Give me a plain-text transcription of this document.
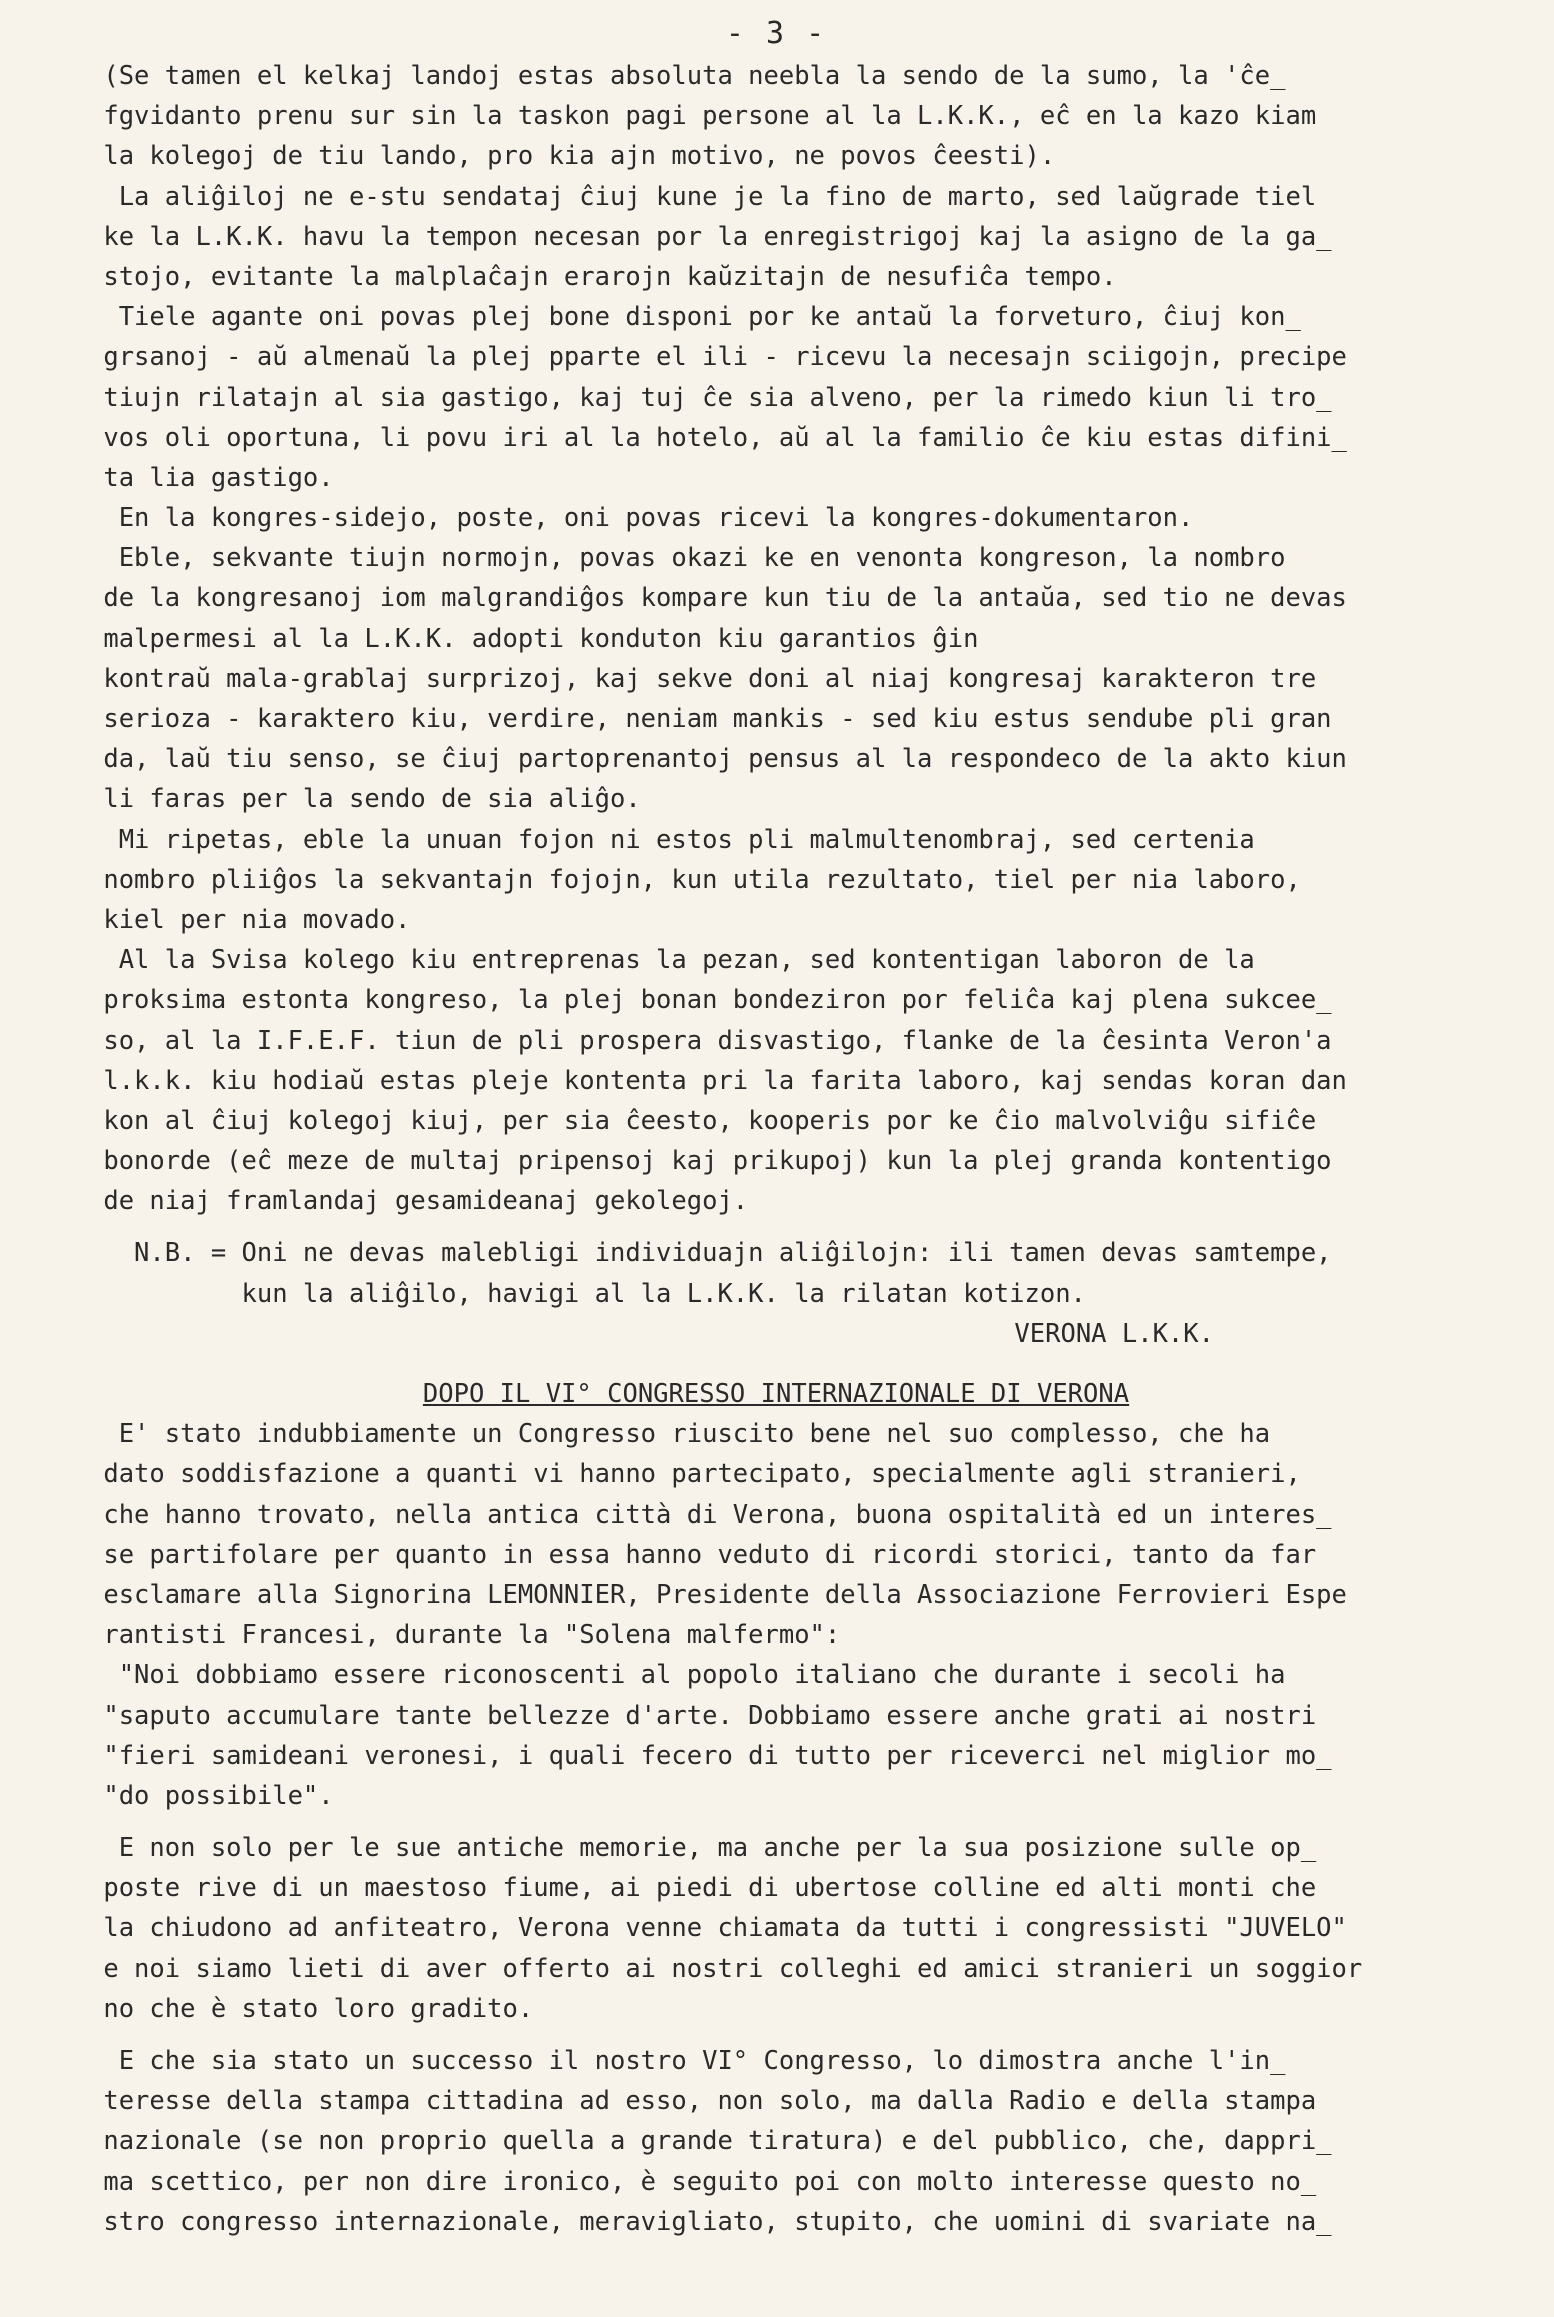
- 3 -
(Se tamen el kelkaj landoj estas absoluta neebla la sendo de la sumo, la 'ĉe_
fgvidanto prenu sur sin la taskon pagi persone al la L.K.K., eĉ en la kazo kiam
la kolegoj de tiu lando, pro kia ajn motivo, ne povos ĉeesti).
La aliĝiloj ne e-stu sendataj ĉiuj kune je la fino de marto, sed laŭgrade tiel
ke la L.K.K. havu la tempon necesan por la enregistrigoj kaj la asigno de la ga_
stojo, evitante la malplaĉajn erarojn kaŭzitajn de nesufiĉa tempo.
Tiele agante oni povas plej bone disponi por ke antaŭ la forveturo, ĉiuj kon_
grsanoj - aŭ almenaŭ la plej pparte el ili - ricevu la necesajn sciigojn, precipe
tiujn rilatajn al sia gastigo, kaj tuj ĉe sia alveno, per la rimedo kiun li tro_
vos oli oportuna, li povu iri al la hotelo, aŭ al la familio ĉe kiu estas difini_
ta lia gastigo.
En la kongres-sidejo, poste, oni povas ricevi la kongres-dokumentaron.
Eble, sekvante tiujn normojn, povas okazi ke en venonta kongreson, la nombro
de la kongresanoj iom malgrandiĝos kompare kun tiu de la antaŭa, sed tio ne devas
malpermesi al la L.K.K. adopti konduton kiu garantios ĝin
kontraŭ mala-grablaj surprizoj, kaj sekve doni al niaj kongresaj karakteron tre
serioza - karaktero kiu, verdire, neniam mankis - sed kiu estus sendube pli gran
da, laŭ tiu senso, se ĉiuj partoprenantoj pensus al la respondeco de la akto kiun
li faras per la sendo de sia aliĝo.
Mi ripetas, eble la unuan fojon ni estos pli malmultenombraj, sed certenia
nombro pliiĝos la sekvantajn fojojn, kun utila rezultato, tiel per nia laboro,
kiel per nia movado.
Al la Svisa kolego kiu entreprenas la pezan, sed kontentigan laboron de la
proksima estonta kongreso, la plej bonan bondeziron por feliĉa kaj plena sukcee_
so, al la I.F.E.F. tiun de pli prospera disvastigo, flanke de la ĉesinta Veron'a
l.k.k. kiu hodiaŭ estas pleje kontenta pri la farita laboro, kaj sendas koran dan
kon al ĉiuj kolegoj kiuj, per sia ĉeesto, kooperis por ke ĉio malvolviĝu sifiĉe
bonorde (eĉ meze de multaj pripensoj kaj prikupoj) kun la plej granda kontentigo
de niaj framlandaj gesamideanaj gekolegoj.
N.B. = Oni ne devas malebligi individuajn aliĝilojn: ili tamen devas samtempe,
kun la aliĝilo, havigi al la L.K.K. la rilatan kotizon.
VERONA L.K.K.
DOPO IL VI° CONGRESSO INTERNAZIONALE DI VERONA
E' stato indubbiamente un Congresso riuscito bene nel suo complesso, che ha
dato soddisfazione a quanti vi hanno partecipato, specialmente agli stranieri,
che hanno trovato, nella antica città di Verona, buona ospitalità ed un interes_
se partifolare per quanto in essa hanno veduto di ricordi storici, tanto da far
esclamare alla Signorina LEMONNIER, Presidente della Associazione Ferrovieri Espe
rantisti Francesi, durante la "Solena malfermo":
"Noi dobbiamo essere riconoscenti al popolo italiano che durante i secoli ha
"saputo accumulare tante bellezze d'arte. Dobbiamo essere anche grati ai nostri
"fieri samideani veronesi, i quali fecero di tutto per riceverci nel miglior mo_
"do possibile".
E non solo per le sue antiche memorie, ma anche per la sua posizione sulle op_
poste rive di un maestoso fiume, ai piedi di ubertose colline ed alti monti che
la chiudono ad anfiteatro, Verona venne chiamata da tutti i congressisti "JUVELO"
e noi siamo lieti di aver offerto ai nostri colleghi ed amici stranieri un soggior
no che è stato loro gradito.
E che sia stato un successo il nostro VI° Congresso, lo dimostra anche l'in_
teresse della stampa cittadina ad esso, non solo, ma dalla Radio e della stampa
nazionale (se non proprio quella a grande tiratura) e del pubblico, che, dappri_
ma scettico, per non dire ironico, è seguito poi con molto interesse questo no_
stro congresso internazionale, meravigliato, stupito, che uomini di svariate na_
